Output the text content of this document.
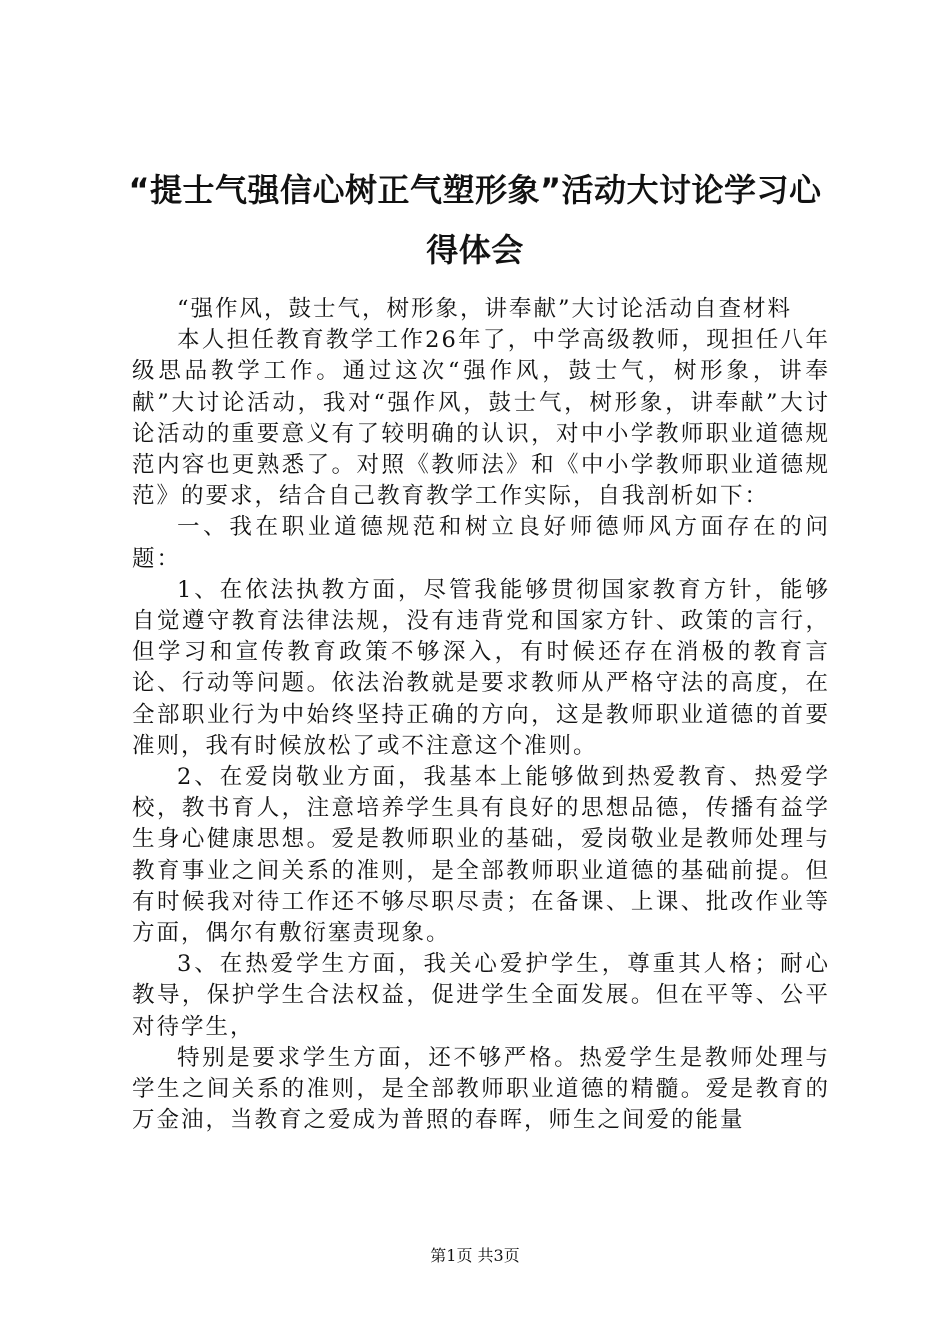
“提士气强信心树正气塑形象”活动大讨论学习心得体会

“强作风，鼓士气，树形象，讲奉献”大讨论活动自查材料

本人担任教育教学工作26年了，中学高级教师，现担任八年级思品教学工作。通过这次“强作风，鼓士气，树形象，讲奉献”大讨论活动，我对“强作风，鼓士气，树形象，讲奉献”大讨论活动的重要意义有了较明确的认识，对中小学教师职业道德规范内容也更熟悉了。对照《教师法》和《中小学教师职业道德规范》的要求，结合自己教育教学工作实际，自我剖析如下：

一、我在职业道德规范和树立良好师德师风方面存在的问题：

1、在依法执教方面，尽管我能够贯彻国家教育方针，能够自觉遵守教育法律法规，没有违背党和国家方针、政策的言行，但学习和宣传教育政策不够深入，有时候还存在消极的教育言论、行动等问题。依法治教就是要求教师从严格守法的高度，在全部职业行为中始终坚持正确的方向，这是教师职业道德的首要准则，我有时候放松了或不注意这个准则。

2、在爱岗敬业方面，我基本上能够做到热爱教育、热爱学校，教书育人，注意培养学生具有良好的思想品德，传播有益学生身心健康思想。爱是教师职业的基础，爱岗敬业是教师处理与教育事业之间关系的准则，是全部教师职业道德的基础前提。但有时候我对待工作还不够尽职尽责；在备课、上课、批改作业等方面，偶尔有敷衍塞责现象。

3、在热爱学生方面，我关心爱护学生，尊重其人格；耐心教导，保护学生合法权益，促进学生全面发展。但在平等、公平对待学生，

特别是要求学生方面，还不够严格。热爱学生是教师处理与学生之间关系的准则，是全部教师职业道德的精髓。爱是教育的万金油，当教育之爱成为普照的春晖，师生之间爱的能量

第1页 共3页
